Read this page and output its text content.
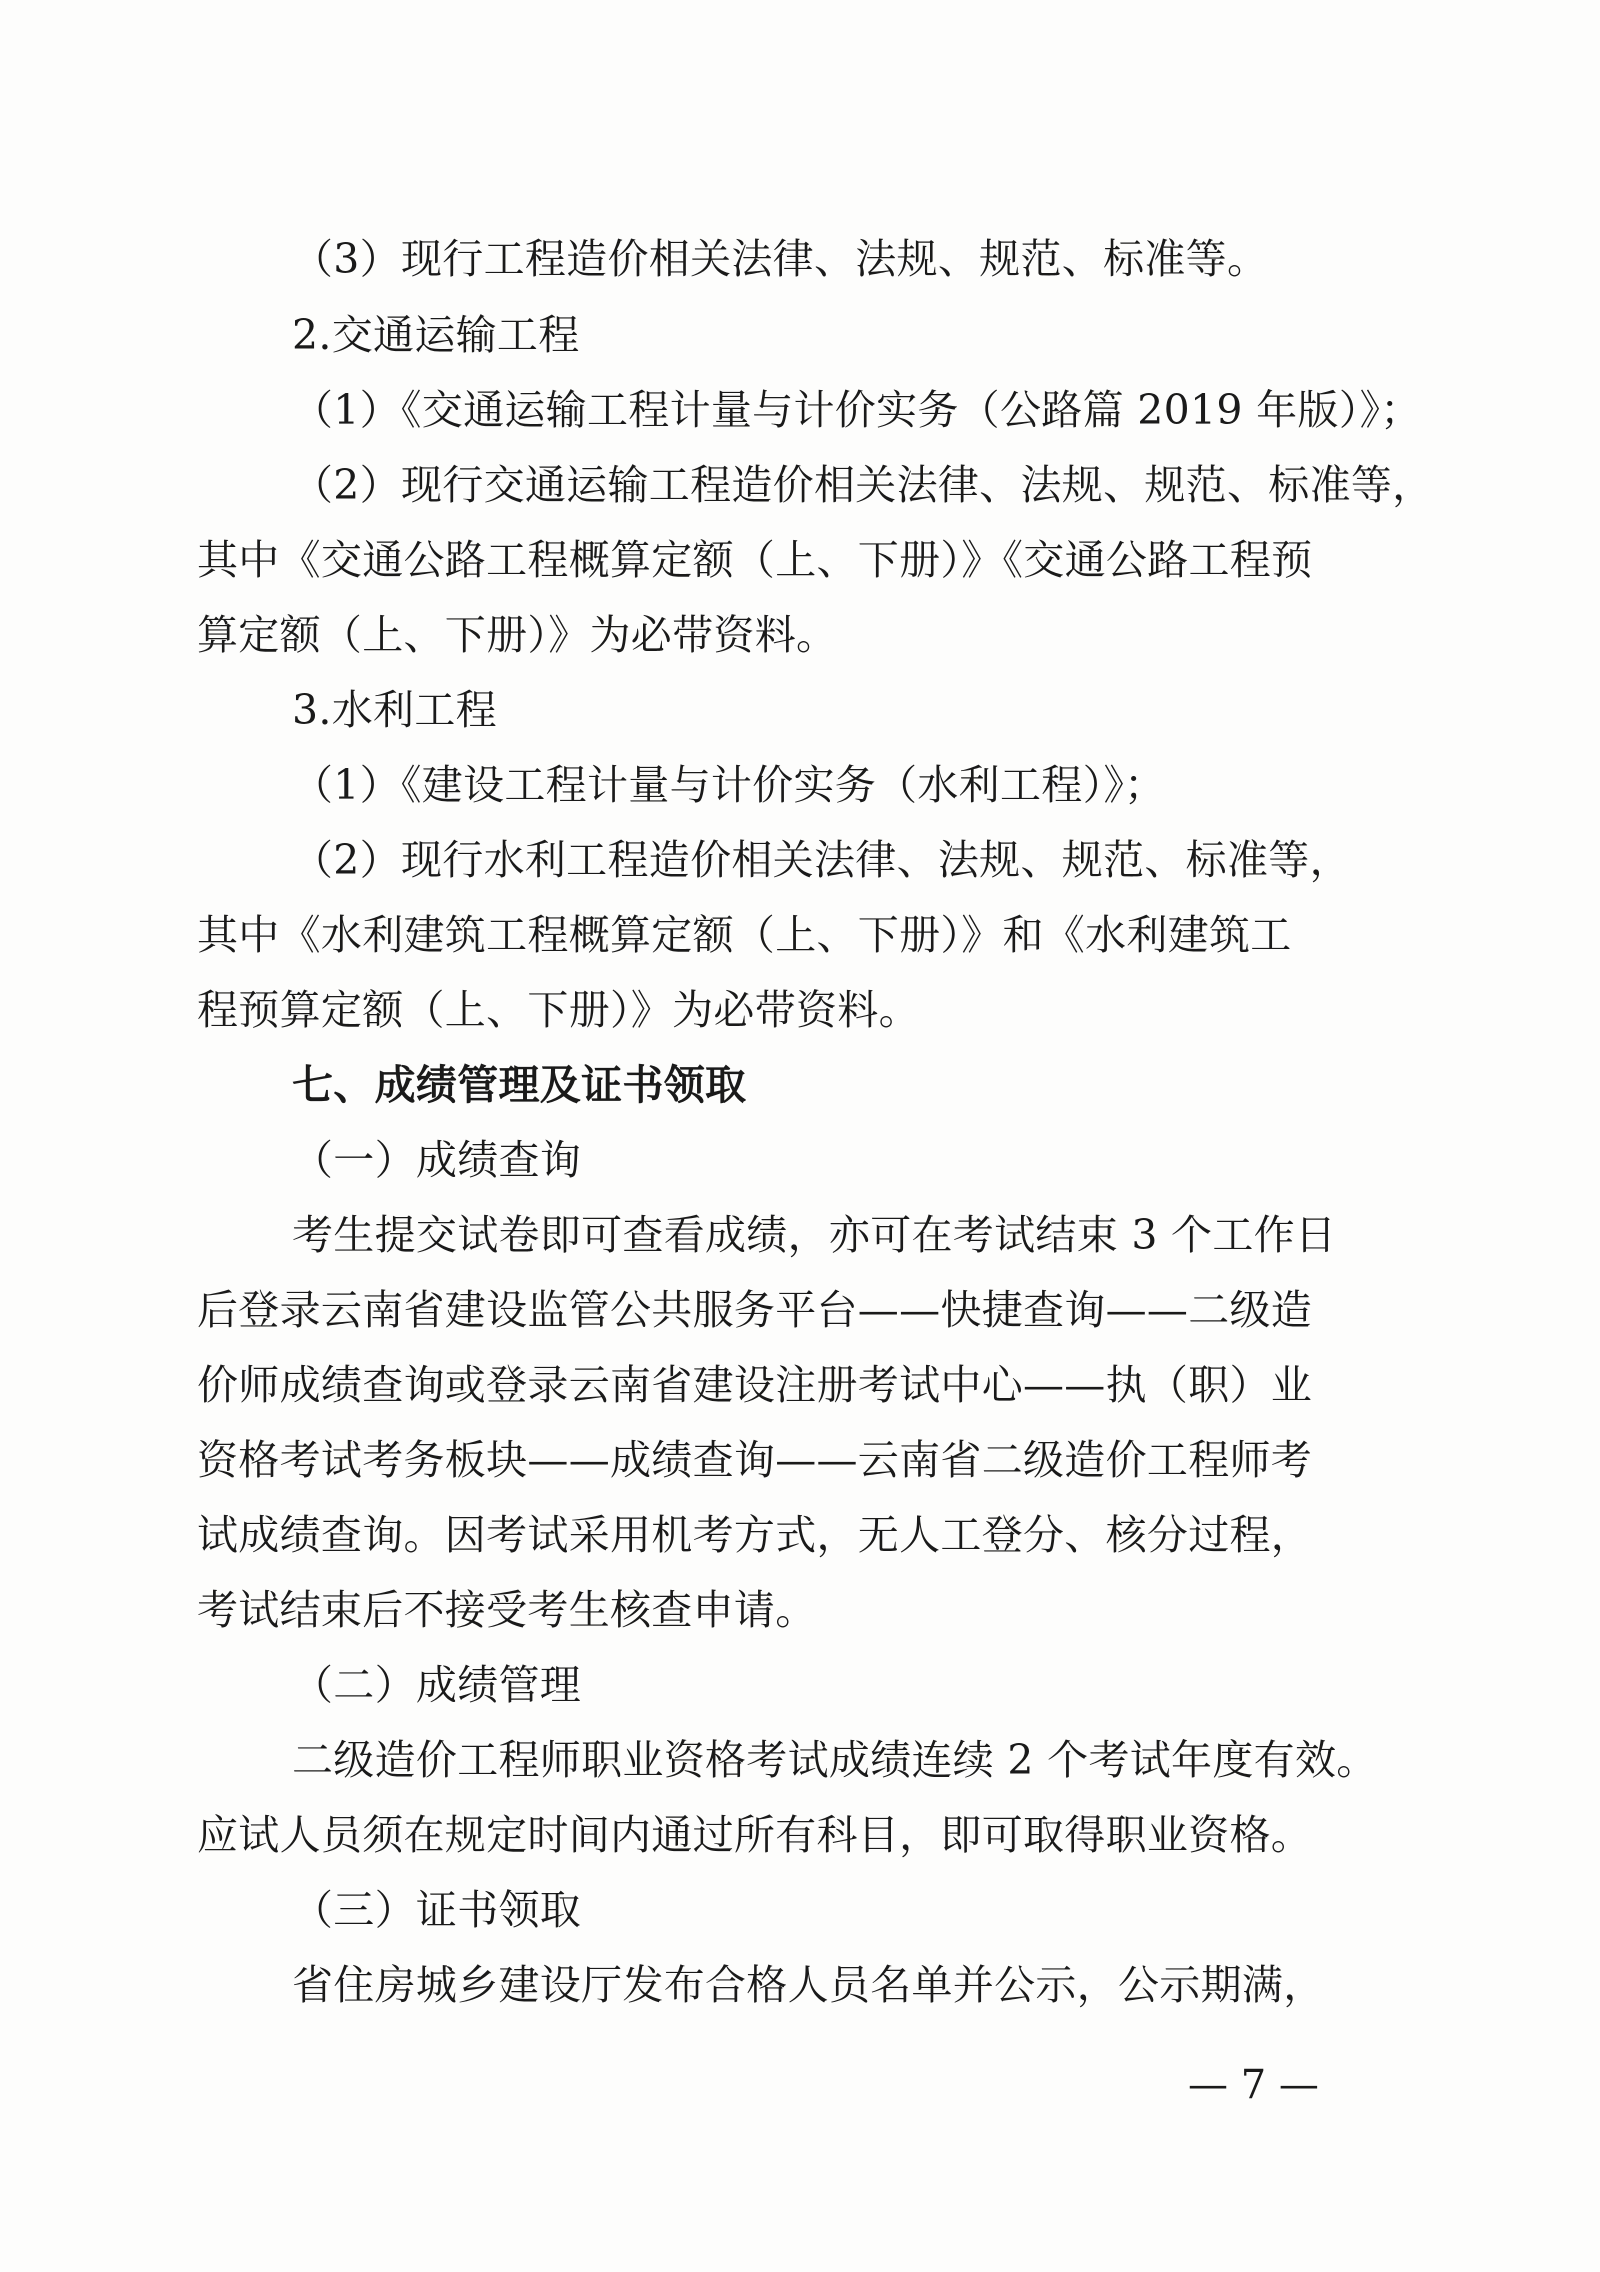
（3）现行工程造价相关法律、法规、规范、标准等。
2.交通运输工程
（1）《交通运输工程计量与计价实务（公路篇 2019 年版）》；
（2）现行交通运输工程造价相关法律、法规、规范、标准等，
其中《交通公路工程概算定额（上、下册）》《交通公路工程预
算定额（上、下册）》为必带资料。
3.水利工程
（1）《建设工程计量与计价实务（水利工程）》；
（2）现行水利工程造价相关法律、法规、规范、标准等，
其中《水利建筑工程概算定额（上、下册）》和《水利建筑工
程预算定额（上、下册）》为必带资料。
七、成绩管理及证书领取
（一）成绩查询
考生提交试卷即可查看成绩，亦可在考试结束 3 个工作日
后登录云南省建设监管公共服务平台——快捷查询——二级造
价师成绩查询或登录云南省建设注册考试中心——执（职）业
资格考试考务板块——成绩查询——云南省二级造价工程师考
试成绩查询。因考试采用机考方式，无人工登分、核分过程，
考试结束后不接受考生核查申请。
（二）成绩管理
二级造价工程师职业资格考试成绩连续 2 个考试年度有效。
应试人员须在规定时间内通过所有科目，即可取得职业资格。
（三）证书领取
省住房城乡建设厅发布合格人员名单并公示，公示期满，
— 7 —
